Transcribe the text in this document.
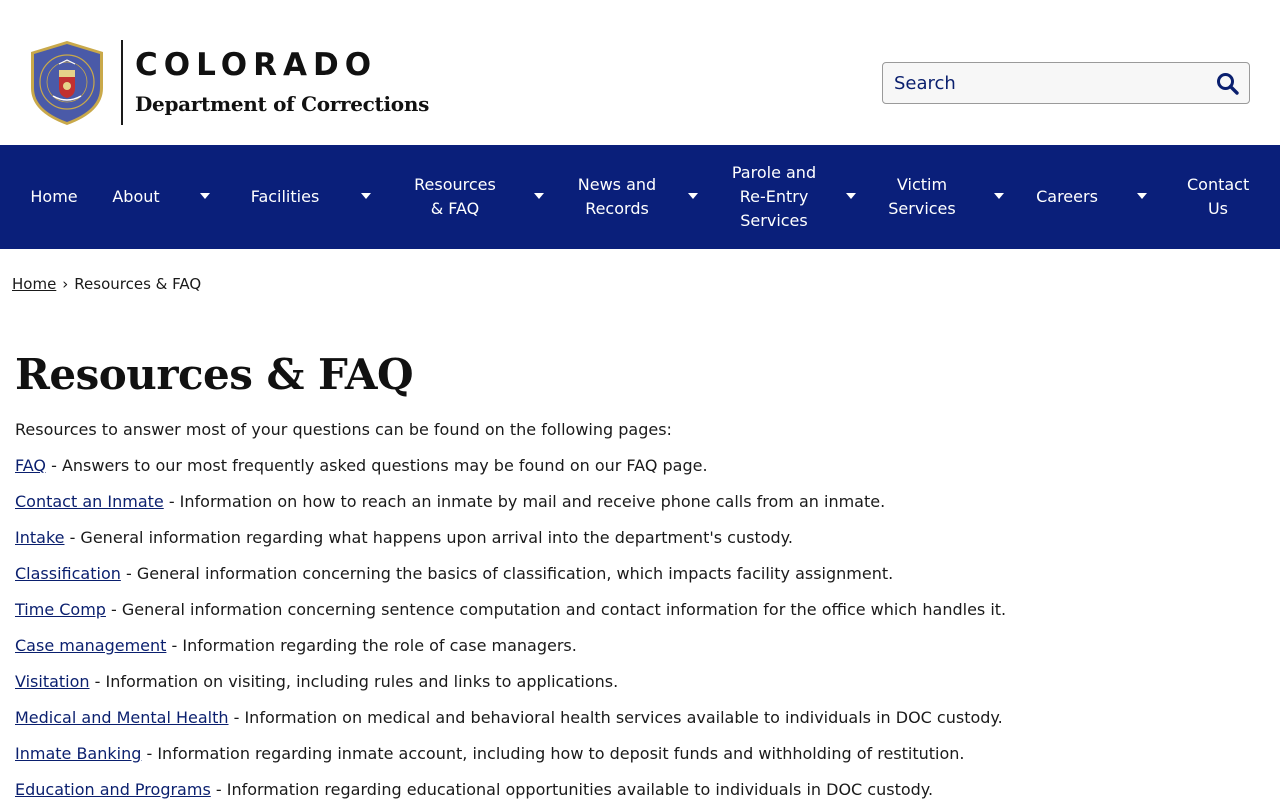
COLORADO
Department of Corrections
Search
Home About	Facilities
Resources & FAQ
News and Records
Parole and Re-Entry Services
Victim Services
Careers
Contact Us
Home › Resources & FAQ
Resources & FAQ

Resources to answer most of your questions can be found on the following pages:

FAQ - Answers to our most frequently asked questions may be found on our FAQ page.
Contact an Inmate - Information on how to reach an inmate by mail and receive phone calls from an inmate.
Intake - General information regarding what happens upon arrival into the department's custody.
Classification - General information concerning the basics of classification, which impacts facility assignment.
Time Comp - General information concerning sentence computation and contact information for the office which handles it.
Case management - Information regarding the role of case managers.
Visitation - Information on visiting, including rules and links to applications.
Medical and Mental Health - Information on medical and behavioral health services available to individuals in DOC custody.
Inmate Banking - Information regarding inmate account, including how to deposit funds and withholding of restitution.
Education and Programs - Information regarding educational opportunities available to individuals in DOC custody.
